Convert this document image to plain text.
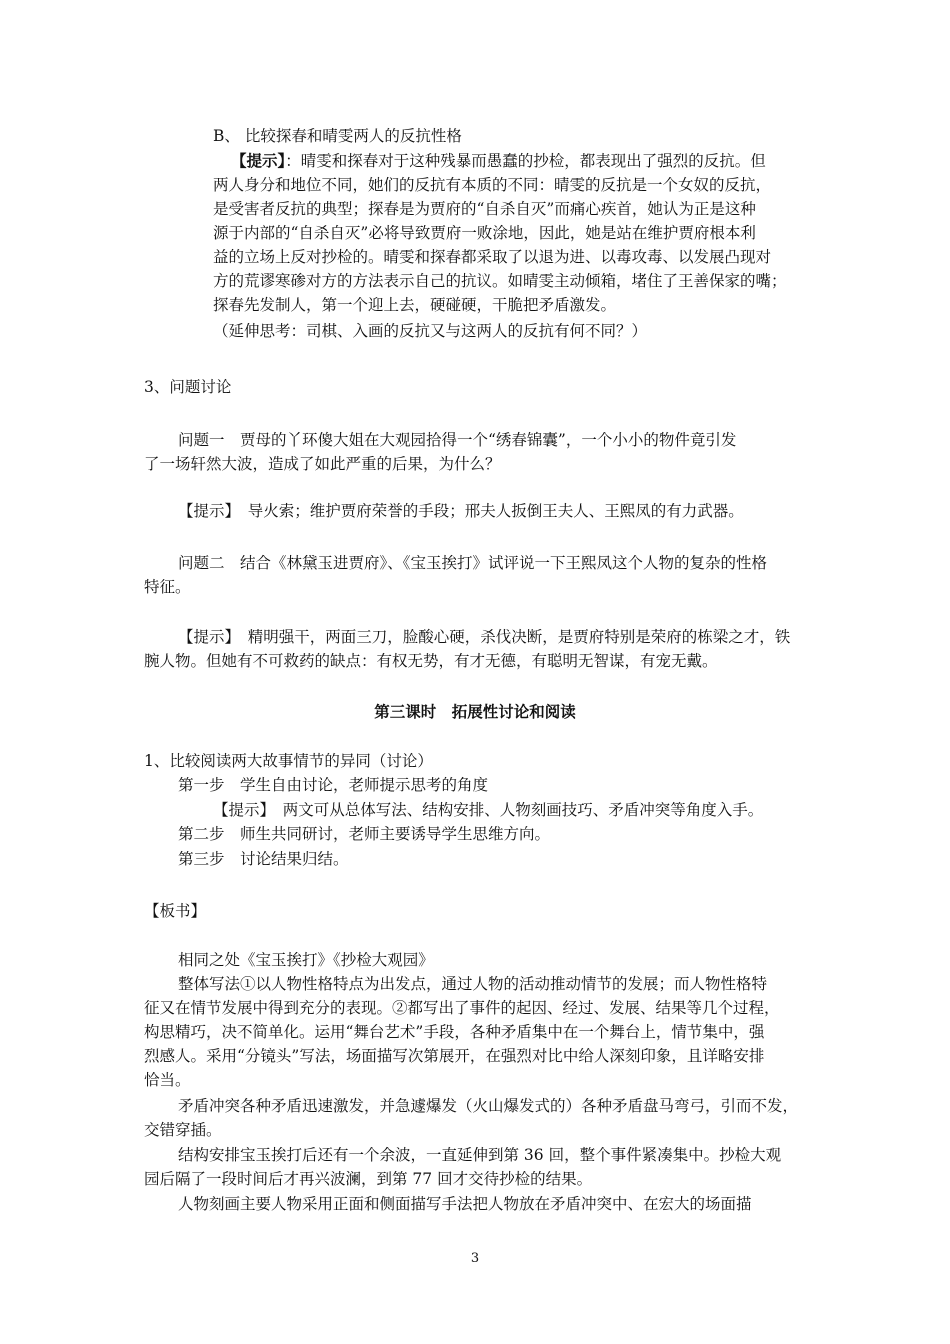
B、 比较探春和晴雯两人的反抗性格
【提示】：晴雯和探春对于这种残暴而愚蠢的抄检，都表现出了强烈的反抗。但
两人身分和地位不同，她们的反抗有本质的不同：晴雯的反抗是一个女奴的反抗，
是受害者反抗的典型；探春是为贾府的“自杀自灭”而痛心疾首，她认为正是这种
源于内部的“自杀自灭”必将导致贾府一败涂地，因此，她是站在维护贾府根本利
益的立场上反对抄检的。晴雯和探春都采取了以退为进、以毒攻毒、以发展凸现对
方的荒谬寒碜对方的方法表示自己的抗议。如晴雯主动倾箱，堵住了王善保家的嘴；
探春先发制人，第一个迎上去，硬碰硬，干脆把矛盾激发。
（延伸思考：司棋、入画的反抗又与这两人的反抗有何不同？）
3、问题讨论
问题一　贾母的丫环傻大姐在大观园拾得一个“绣春锦囊”，一个小小的物件竟引发
了一场轩然大波，造成了如此严重的后果，为什么？
【提示】　导火索；维护贾府荣誉的手段；邢夫人扳倒王夫人、王熙凤的有力武器。
问题二　结合《林黛玉进贾府》、《宝玉挨打》试评说一下王熙凤这个人物的复杂的性格
特征。
【提示】　精明强干，两面三刀，脸酸心硬，杀伐决断，是贾府特别是荣府的栋梁之才，铁
腕人物。但她有不可救药的缺点：有权无势，有才无德，有聪明无智谋，有宠无戴。
第三课时　拓展性讨论和阅读
1、比较阅读两大故事情节的异同（讨论）
第一步　学生自由讨论，老师提示思考的角度
【提示】　两文可从总体写法、结构安排、人物刻画技巧、矛盾冲突等角度入手。
第二步　师生共同研讨，老师主要诱导学生思维方向。
第三步　讨论结果归结。
【板书】
相同之处《宝玉挨打》《抄检大观园》
整体写法①以人物性格特点为出发点，通过人物的活动推动情节的发展；而人物性格特
征又在情节发展中得到充分的表现。②都写出了事件的起因、经过、发展、结果等几个过程，
构思精巧，决不简单化。运用“舞台艺术”手段，各种矛盾集中在一个舞台上，情节集中，强
烈感人。采用“分镜头”写法，场面描写次第展开，在强烈对比中给人深刻印象，且详略安排
恰当。
矛盾冲突各种矛盾迅速激发，并急遽爆发（火山爆发式的）各种矛盾盘马弯弓，引而不发，
交错穿插。
结构安排宝玉挨打后还有一个余波，一直延伸到第 36 回，整个事件紧凑集中。抄检大观
园后隔了一段时间后才再兴波澜，到第 77 回才交待抄检的结果。
人物刻画主要人物采用正面和侧面描写手法把人物放在矛盾冲突中、在宏大的场面描
3
